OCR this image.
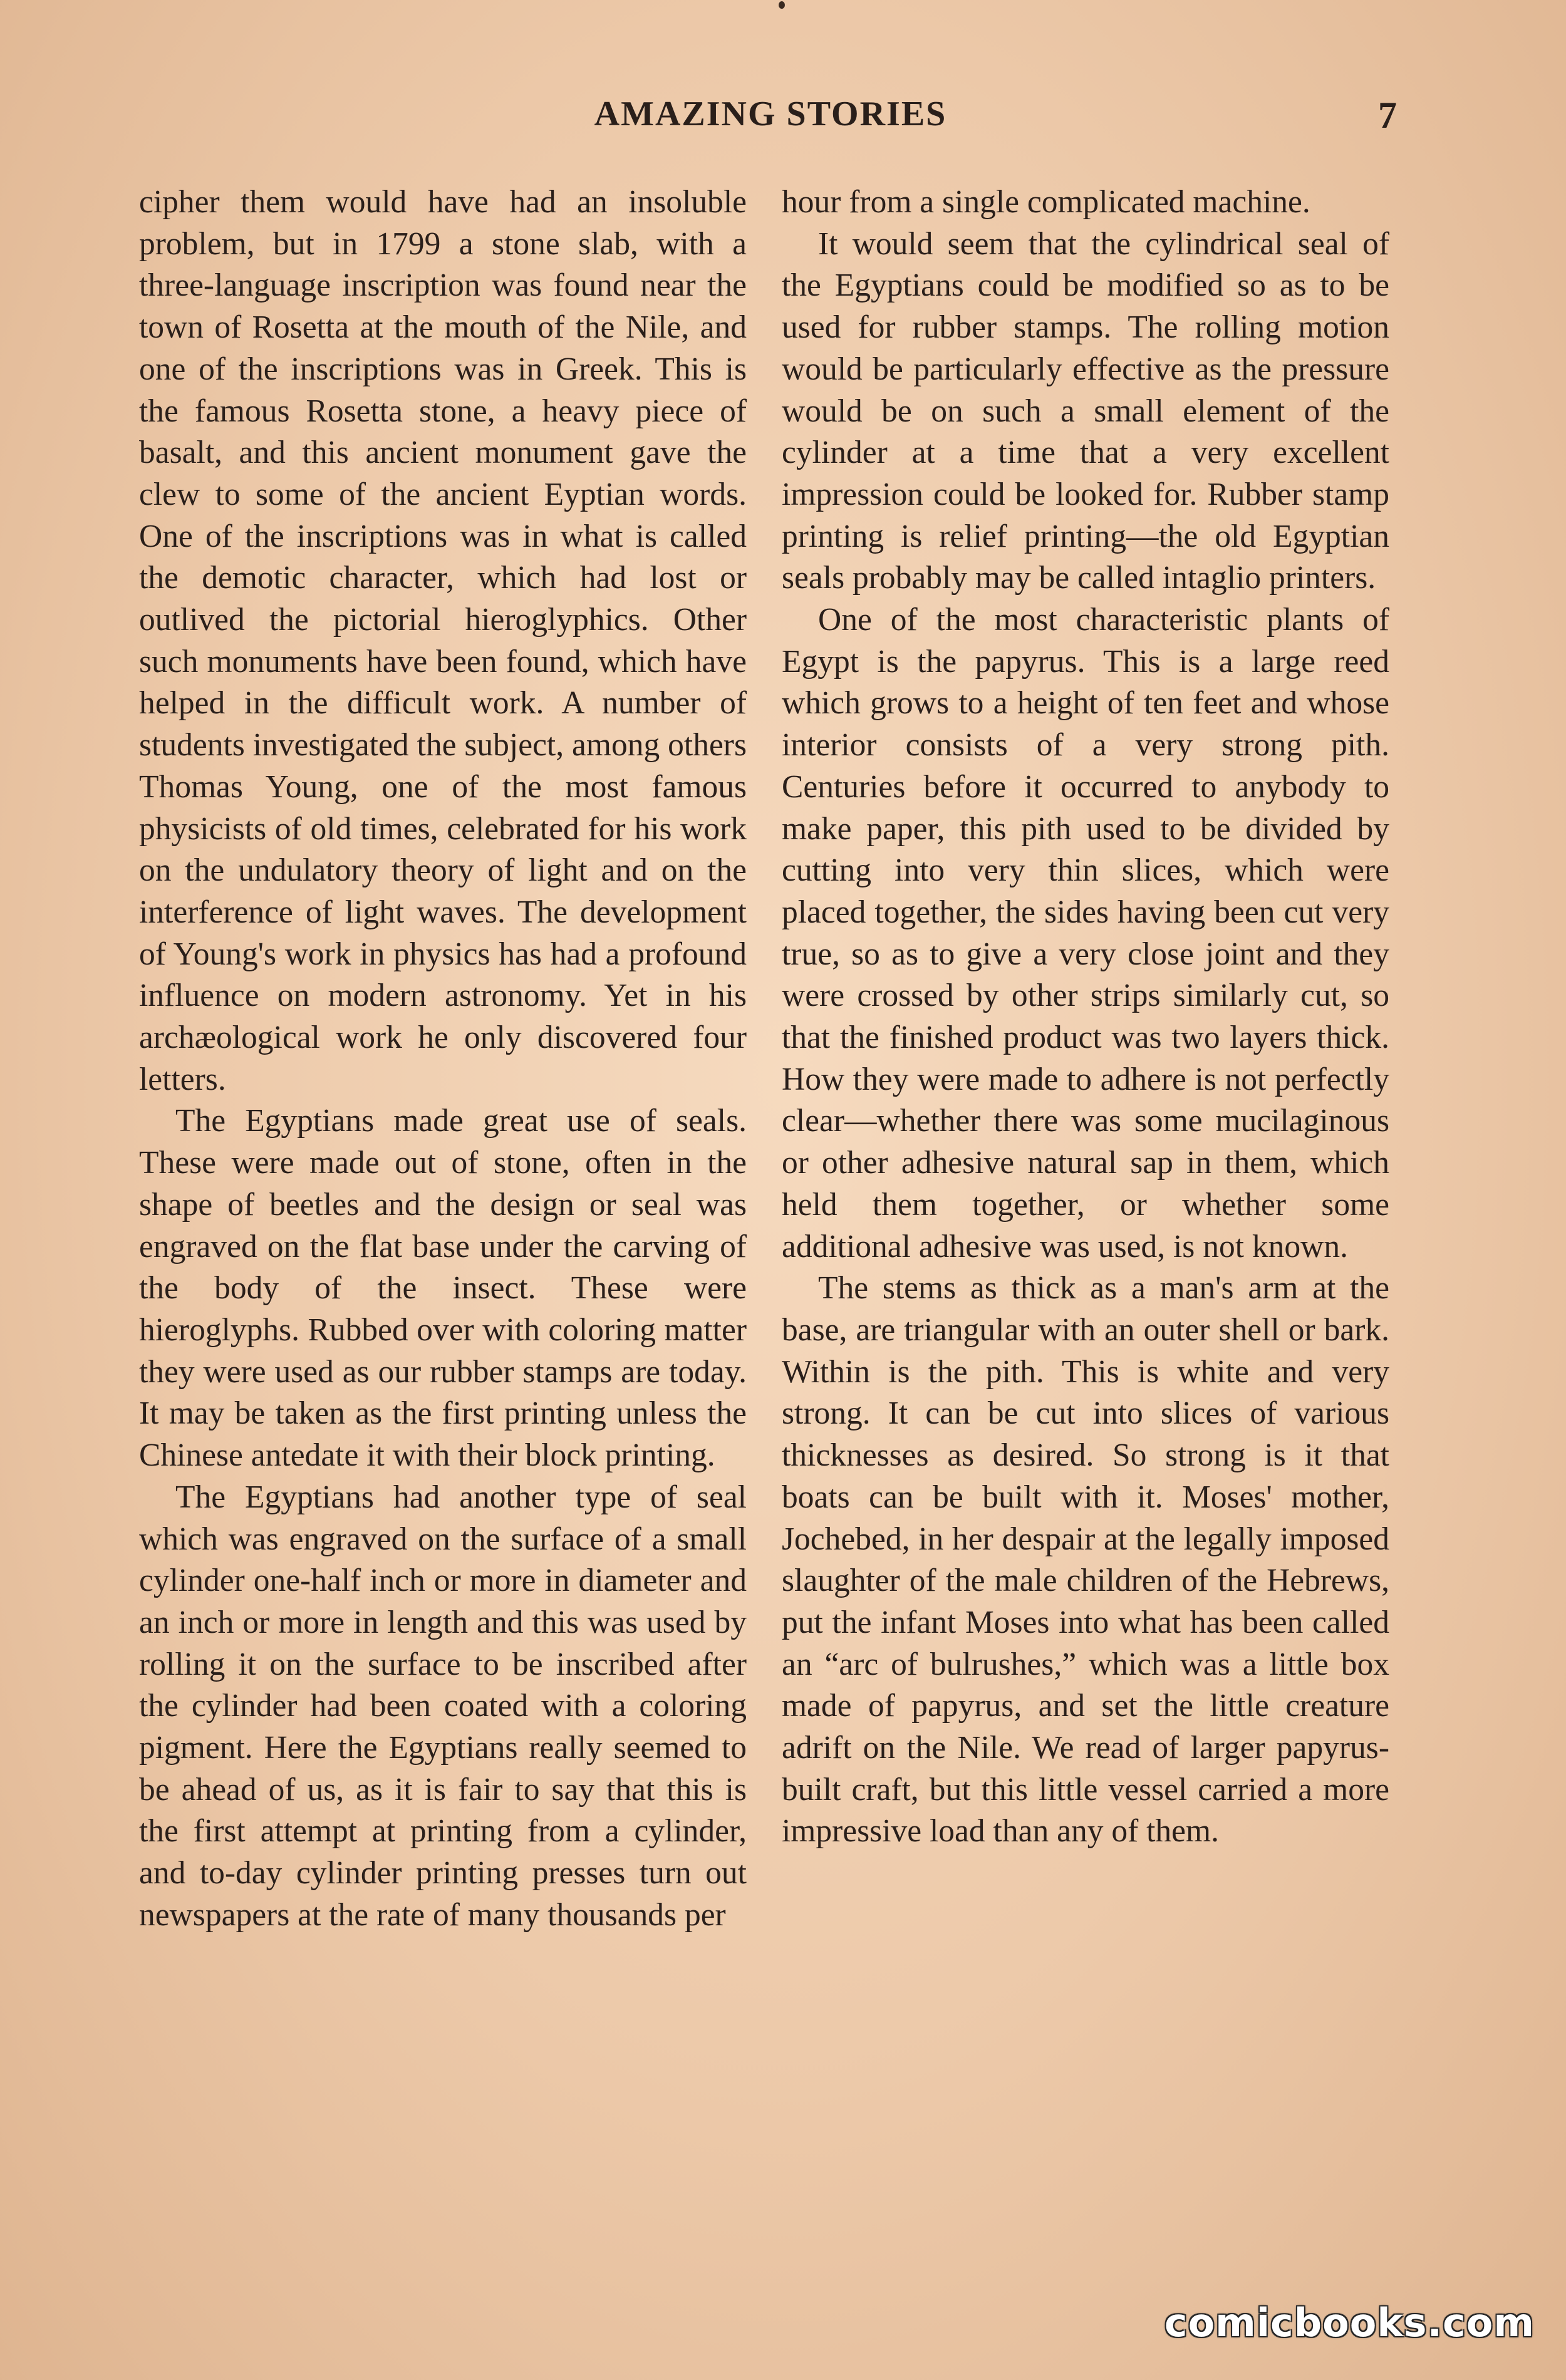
AMAZING STORIES	7

cipher them would have had an insoluble problem, but in 1799 a stone slab, with a three-language inscription was found near the town of Rosetta at the mouth of the Nile, and one of the inscriptions was in Greek. This is the famous Rosetta stone, a heavy piece of basalt, and this ancient monument gave the clew to some of the ancient Eyptian words. One of the inscriptions was in what is called the demotic character, which had lost or outlived the pictorial hieroglyphics. Other such monuments have been found, which have helped in the difficult work. A number of students investigated the subject, among others Thomas Young, one of the most famous physicists of old times, celebrated for his work on the undulatory theory of light and on the interference of light waves. The development of Young's work in physics has had a profound influence on modern astronomy. Yet in his archæological work he only discovered four letters.

The Egyptians made great use of seals. These were made out of stone, often in the shape of beetles and the design or seal was engraved on the flat base under the carving of the body of the insect. These were hieroglyphs. Rubbed over with coloring matter they were used as our rubber stamps are today. It may be taken as the first printing unless the Chinese antedate it with their block printing.

The Egyptians had another type of seal which was engraved on the surface of a small cylinder one-half inch or more in diameter and an inch or more in length and this was used by rolling it on the surface to be inscribed after the cylinder had been coated with a coloring pigment. Here the Egyptians really seemed to be ahead of us, as it is fair to say that this is the first attempt at printing from a cylinder, and to-day cylinder printing presses turn out newspapers at the rate of many thousands per

hour from a single complicated machine.

It would seem that the cylindrical seal of the Egyptians could be modified so as to be used for rubber stamps. The rolling motion would be particularly effective as the pressure would be on such a small element of the cylinder at a time that a very excellent impression could be looked for. Rubber stamp printing is relief printing—the old Egyptian seals probably may be called intaglio printers.

One of the most characteristic plants of Egypt is the papyrus. This is a large reed which grows to a height of ten feet and whose interior consists of a very strong pith. Centuries before it occurred to anybody to make paper, this pith used to be divided by cutting into very thin slices, which were placed together, the sides having been cut very true, so as to give a very close joint and they were crossed by other strips similarly cut, so that the finished product was two layers thick. How they were made to adhere is not perfectly clear—whether there was some mucilaginous or other adhesive natural sap in them, which held them together, or whether some additional adhesive was used, is not known.

The stems as thick as a man's arm at the base, are triangular with an outer shell or bark. Within is the pith. This is white and very strong. It can be cut into slices of various thicknesses as desired. So strong is it that boats can be built with it. Moses' mother, Jochebed, in her despair at the legally imposed slaughter of the male children of the Hebrews, put the infant Moses into what has been called an “arc of bulrushes,” which was a little box made of papyrus, and set the little creature adrift on the Nile. We read of larger papyrus-built craft, but this little vessel carried a more impressive load than any of them.

comicbooks.com
